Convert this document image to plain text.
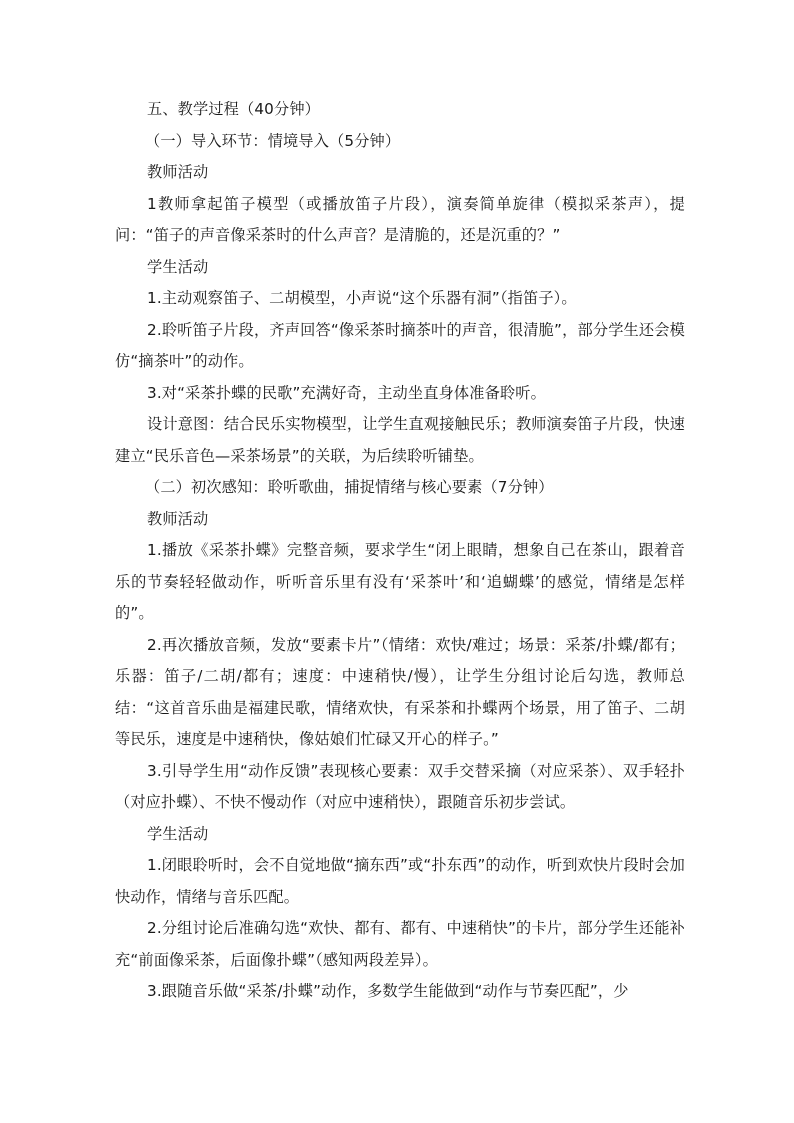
五、教学过程（40分钟）

（一）导入环节：情境导入（5分钟）

教师活动

1教师拿起笛子模型（或播放笛子片段），演奏简单旋律（模拟采茶声），提问：“笛子的声音像采茶时的什么声音？是清脆的，还是沉重的？”

学生活动

1.主动观察笛子、二胡模型，小声说“这个乐器有洞”（指笛子）。

2.聆听笛子片段，齐声回答“像采茶时摘茶叶的声音，很清脆”，部分学生还会模仿“摘茶叶”的动作。

3.对“采茶扑蝶的民歌”充满好奇，主动坐直身体准备聆听。

设计意图：结合民乐实物模型，让学生直观接触民乐；教师演奏笛子片段，快速建立“民乐音色—采茶场景”的关联，为后续聆听铺垫。

（二）初次感知：聆听歌曲，捕捉情绪与核心要素（7分钟）

教师活动

1.播放《采茶扑蝶》完整音频，要求学生“闭上眼睛，想象自己在茶山，跟着音乐的节奏轻轻做动作，听听音乐里有没有‘采茶叶’和‘追蝴蝶’的感觉，情绪是怎样的”。

2.再次播放音频，发放“要素卡片”（情绪：欢快/难过；场景：采茶/扑蝶/都有；乐器：笛子/二胡/都有；速度：中速稍快/慢），让学生分组讨论后勾选，教师总结：“这首音乐曲是福建民歌，情绪欢快，有采茶和扑蝶两个场景，用了笛子、二胡等民乐，速度是中速稍快，像姑娘们忙碌又开心的样子。”

3.引导学生用“动作反馈”表现核心要素：双手交替采摘（对应采茶）、双手轻扑（对应扑蝶）、不快不慢动作（对应中速稍快），跟随音乐初步尝试。

学生活动

1.闭眼聆听时，会不自觉地做“摘东西”或“扑东西”的动作，听到欢快片段时会加快动作，情绪与音乐匹配。

2.分组讨论后准确勾选“欢快、都有、都有、中速稍快”的卡片，部分学生还能补充“前面像采茶，后面像扑蝶”（感知两段差异）。

3.跟随音乐做“采茶/扑蝶”动作，多数学生能做到“动作与节奏匹配”，少
